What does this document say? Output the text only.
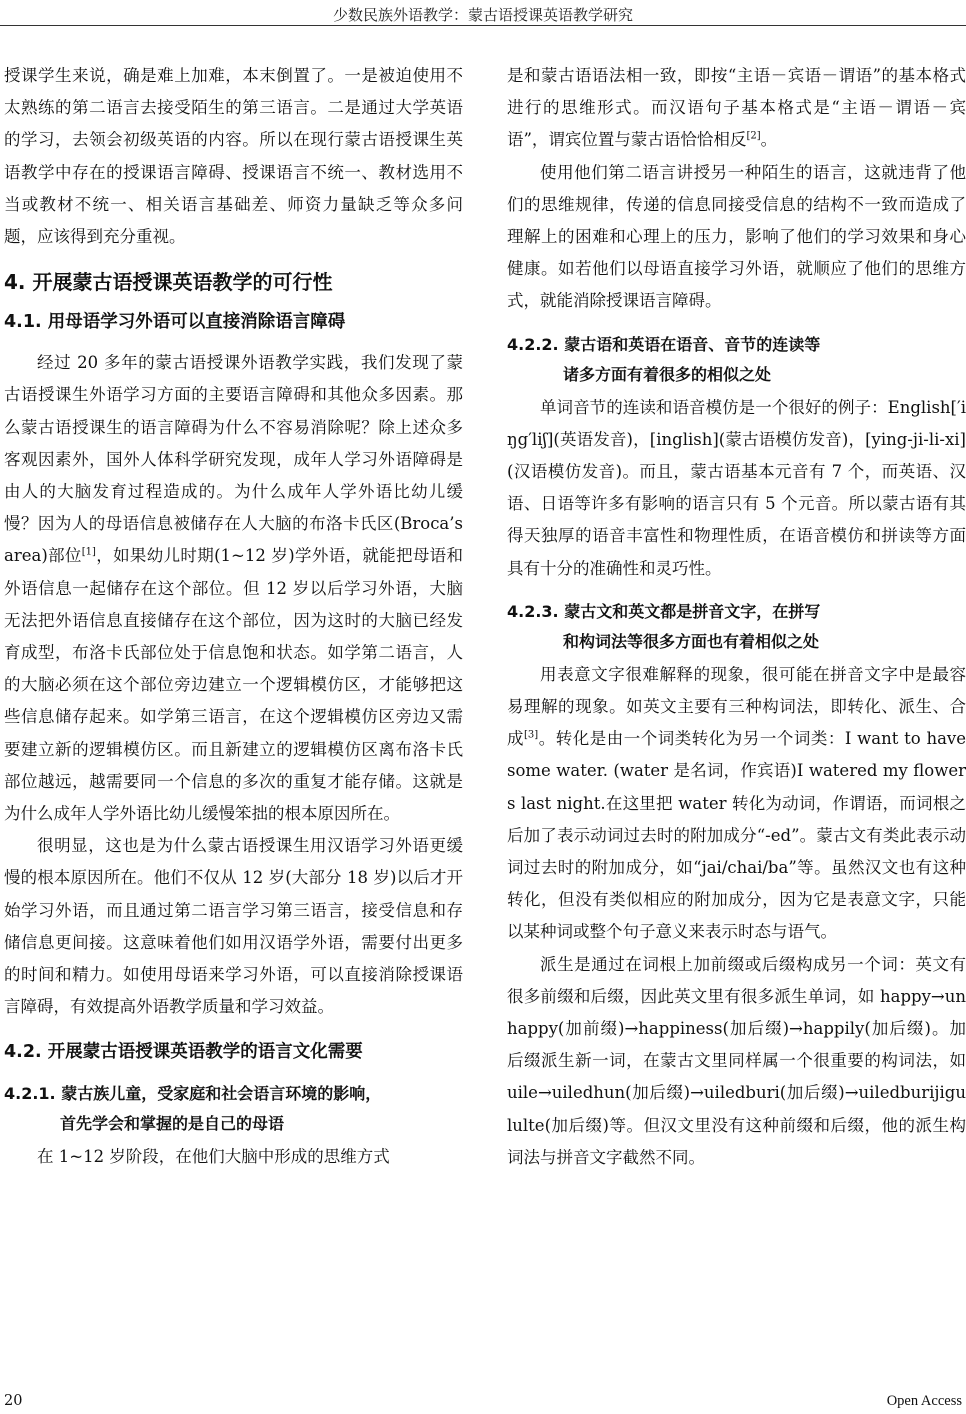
少数民族外语教学：蒙古语授课英语教学研究

授课学生来说，确是难上加难，本末倒置了。一是被迫使用不太熟练的第二语言去接受陌生的第三语言。二是通过大学英语的学习，去领会初级英语的内容。所以在现行蒙古语授课生英语教学中存在的授课语言障碍、授课语言不统一、教材选用不当或教材不统一、相关语言基础差、师资力量缺乏等众多问题，应该得到充分重视。

4. 开展蒙古语授课英语教学的可行性
4.1. 用母语学习外语可以直接消除语言障碍

经过 20 多年的蒙古语授课外语教学实践，我们发现了蒙古语授课生外语学习方面的主要语言障碍和其他众多因素。那么蒙古语授课生的语言障碍为什么不容易消除呢？除上述众多客观因素外，国外人体科学研究发现，成年人学习外语障碍是由人的大脑发育过程造成的。为什么成年人学外语比幼儿缓慢？因为人的母语信息被储存在人大脑的布洛卡氏区(Broca’s area)部位[1]，如果幼儿时期(1~12 岁)学外语，就能把母语和外语信息一起储存在这个部位。但 12 岁以后学习外语，大脑无法把外语信息直接储存在这个部位，因为这时的大脑已经发育成型，布洛卡氏部位处于信息饱和状态。如学第二语言，人的大脑必须在这个部位旁边建立一个逻辑模仿区，才能够把这些信息储存起来。如学第三语言，在这个逻辑模仿区旁边又需要建立新的逻辑模仿区。而且新建立的逻辑模仿区离布洛卡氏部位越远，越需要同一个信息的多次的重复才能存储。这就是为什么成年人学外语比幼儿缓慢笨拙的根本原因所在。

很明显，这也是为什么蒙古语授课生用汉语学习外语更缓慢的根本原因所在。他们不仅从 12 岁(大部分 18 岁)以后才开始学习外语，而且通过第二语言学习第三语言，接受信息和存储信息更间接。这意味着他们如用汉语学外语，需要付出更多的时间和精力。如使用母语来学习外语，可以直接消除授课语言障碍，有效提高外语教学质量和学习效益。

4.2. 开展蒙古语授课英语教学的语言文化需要
4.2.1. 蒙古族儿童，受家庭和社会语言环境的影响，
首先学会和掌握的是自己的母语

在 1~12 岁阶段，在他们大脑中形成的思维方式

是和蒙古语语法相一致，即按“主语－宾语－谓语”的基本格式进行的思维形式。而汉语句子基本格式是“主语－谓语－宾语”，谓宾位置与蒙古语恰恰相反[2]。

使用他们第二语言讲授另一种陌生的语言，这就违背了他们的思维规律，传递的信息同接受信息的结构不一致而造成了理解上的困难和心理上的压力，影响了他们的学习效果和身心健康。如若他们以母语直接学习外语，就顺应了他们的思维方式，就能消除授课语言障碍。

4.2.2. 蒙古语和英语在语音、音节的连读等
诸多方面有着很多的相似之处

单词音节的连读和语音模仿是一个很好的例子：English[′iŋg′liʃ](英语发音)，[inglish](蒙古语模仿发音)，[ying-ji-li-xi](汉语模仿发音)。而且，蒙古语基本元音有 7 个，而英语、汉语、日语等许多有影响的语言只有 5 个元音。所以蒙古语有其得天独厚的语音丰富性和物理性质，在语音模仿和拼读等方面具有十分的准确性和灵巧性。

4.2.3. 蒙古文和英文都是拼音文字，在拼写
和构词法等很多方面也有着相似之处

用表意文字很难解释的现象，很可能在拼音文字中是最容易理解的现象。如英文主要有三种构词法，即转化、派生、合成[3]。转化是由一个词类转化为另一个词类：I want to have some water. (water 是名词，作宾语)I watered my flowers last night.在这里把 water 转化为动词，作谓语，而词根之后加了表示动词过去时的附加成分“-ed”。蒙古文有类此表示动词过去时的附加成分，如“jai/chai/ba”等。虽然汉文也有这种转化，但没有类似相应的附加成分，因为它是表意文字，只能以某种词或整个句子意义来表示时态与语气。

派生是通过在词根上加前缀或后缀构成另一个词：英文有很多前缀和后缀，因此英文里有很多派生单词，如 happy→unhappy(加前缀)→happiness(加后缀)→happily(加后缀)。加后缀派生新一词，在蒙古文里同样属一个很重要的构词法，如 uile→uiledhun(加后缀)→uiledburi(加后缀)→uiledburijigululte(加后缀)等。但汉文里没有这种前缀和后缀，他的派生构词法与拼音文字截然不同。

20	Open Access
